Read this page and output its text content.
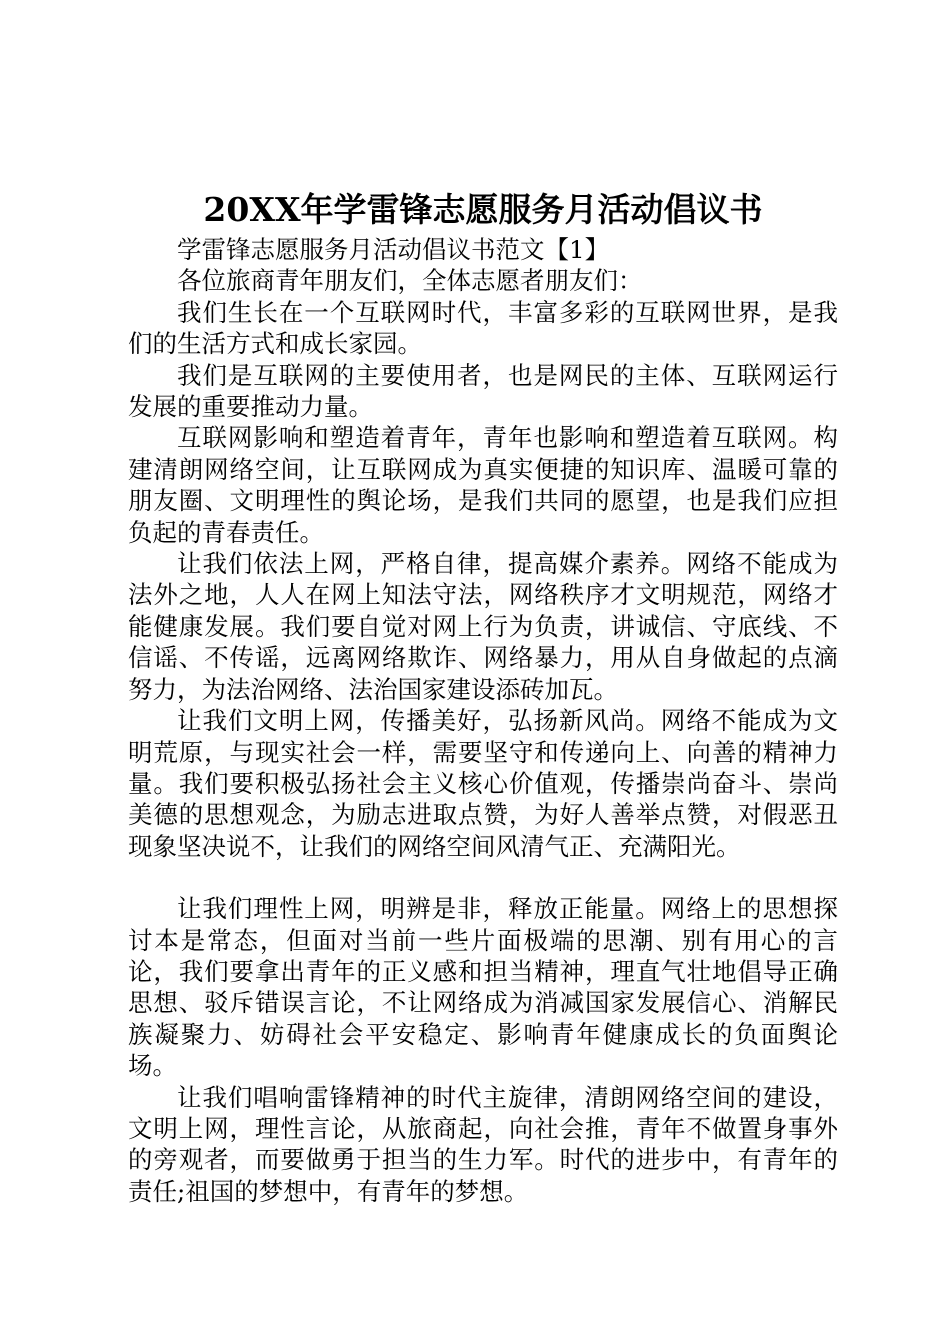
20XX年学雷锋志愿服务月活动倡议书

学雷锋志愿服务月活动倡议书范文【1】

各位旅商青年朋友们，全体志愿者朋友们：

我们生长在一个互联网时代，丰富多彩的互联网世界，是我们的生活方式和成长家园。

我们是互联网的主要使用者，也是网民的主体、互联网运行发展的重要推动力量。

互联网影响和塑造着青年，青年也影响和塑造着互联网。构建清朗网络空间，让互联网成为真实便捷的知识库、温暖可靠的朋友圈、文明理性的舆论场，是我们共同的愿望，也是我们应担负起的青春责任。

让我们依法上网，严格自律，提高媒介素养。网络不能成为法外之地，人人在网上知法守法，网络秩序才文明规范，网络才能健康发展。我们要自觉对网上行为负责，讲诚信、守底线、不信谣、不传谣，远离网络欺诈、网络暴力，用从自身做起的点滴努力，为法治网络、法治国家建设添砖加瓦。

让我们文明上网，传播美好，弘扬新风尚。网络不能成为文明荒原，与现实社会一样，需要坚守和传递向上、向善的精神力量。我们要积极弘扬社会主义核心价值观，传播崇尚奋斗、崇尚美德的思想观念，为励志进取点赞，为好人善举点赞，对假恶丑现象坚决说不，让我们的网络空间风清气正、充满阳光。

让我们理性上网，明辨是非，释放正能量。网络上的思想探讨本是常态，但面对当前一些片面极端的思潮、别有用心的言论，我们要拿出青年的正义感和担当精神，理直气壮地倡导正确思想、驳斥错误言论，不让网络成为消减国家发展信心、消解民族凝聚力、妨碍社会平安稳定、影响青年健康成长的负面舆论场。

让我们唱响雷锋精神的时代主旋律，清朗网络空间的建设，文明上网，理性言论，从旅商起，向社会推，青年不做置身事外的旁观者，而要做勇于担当的生力军。时代的进步中，有青年的责任;祖国的梦想中，有青年的梦想。
